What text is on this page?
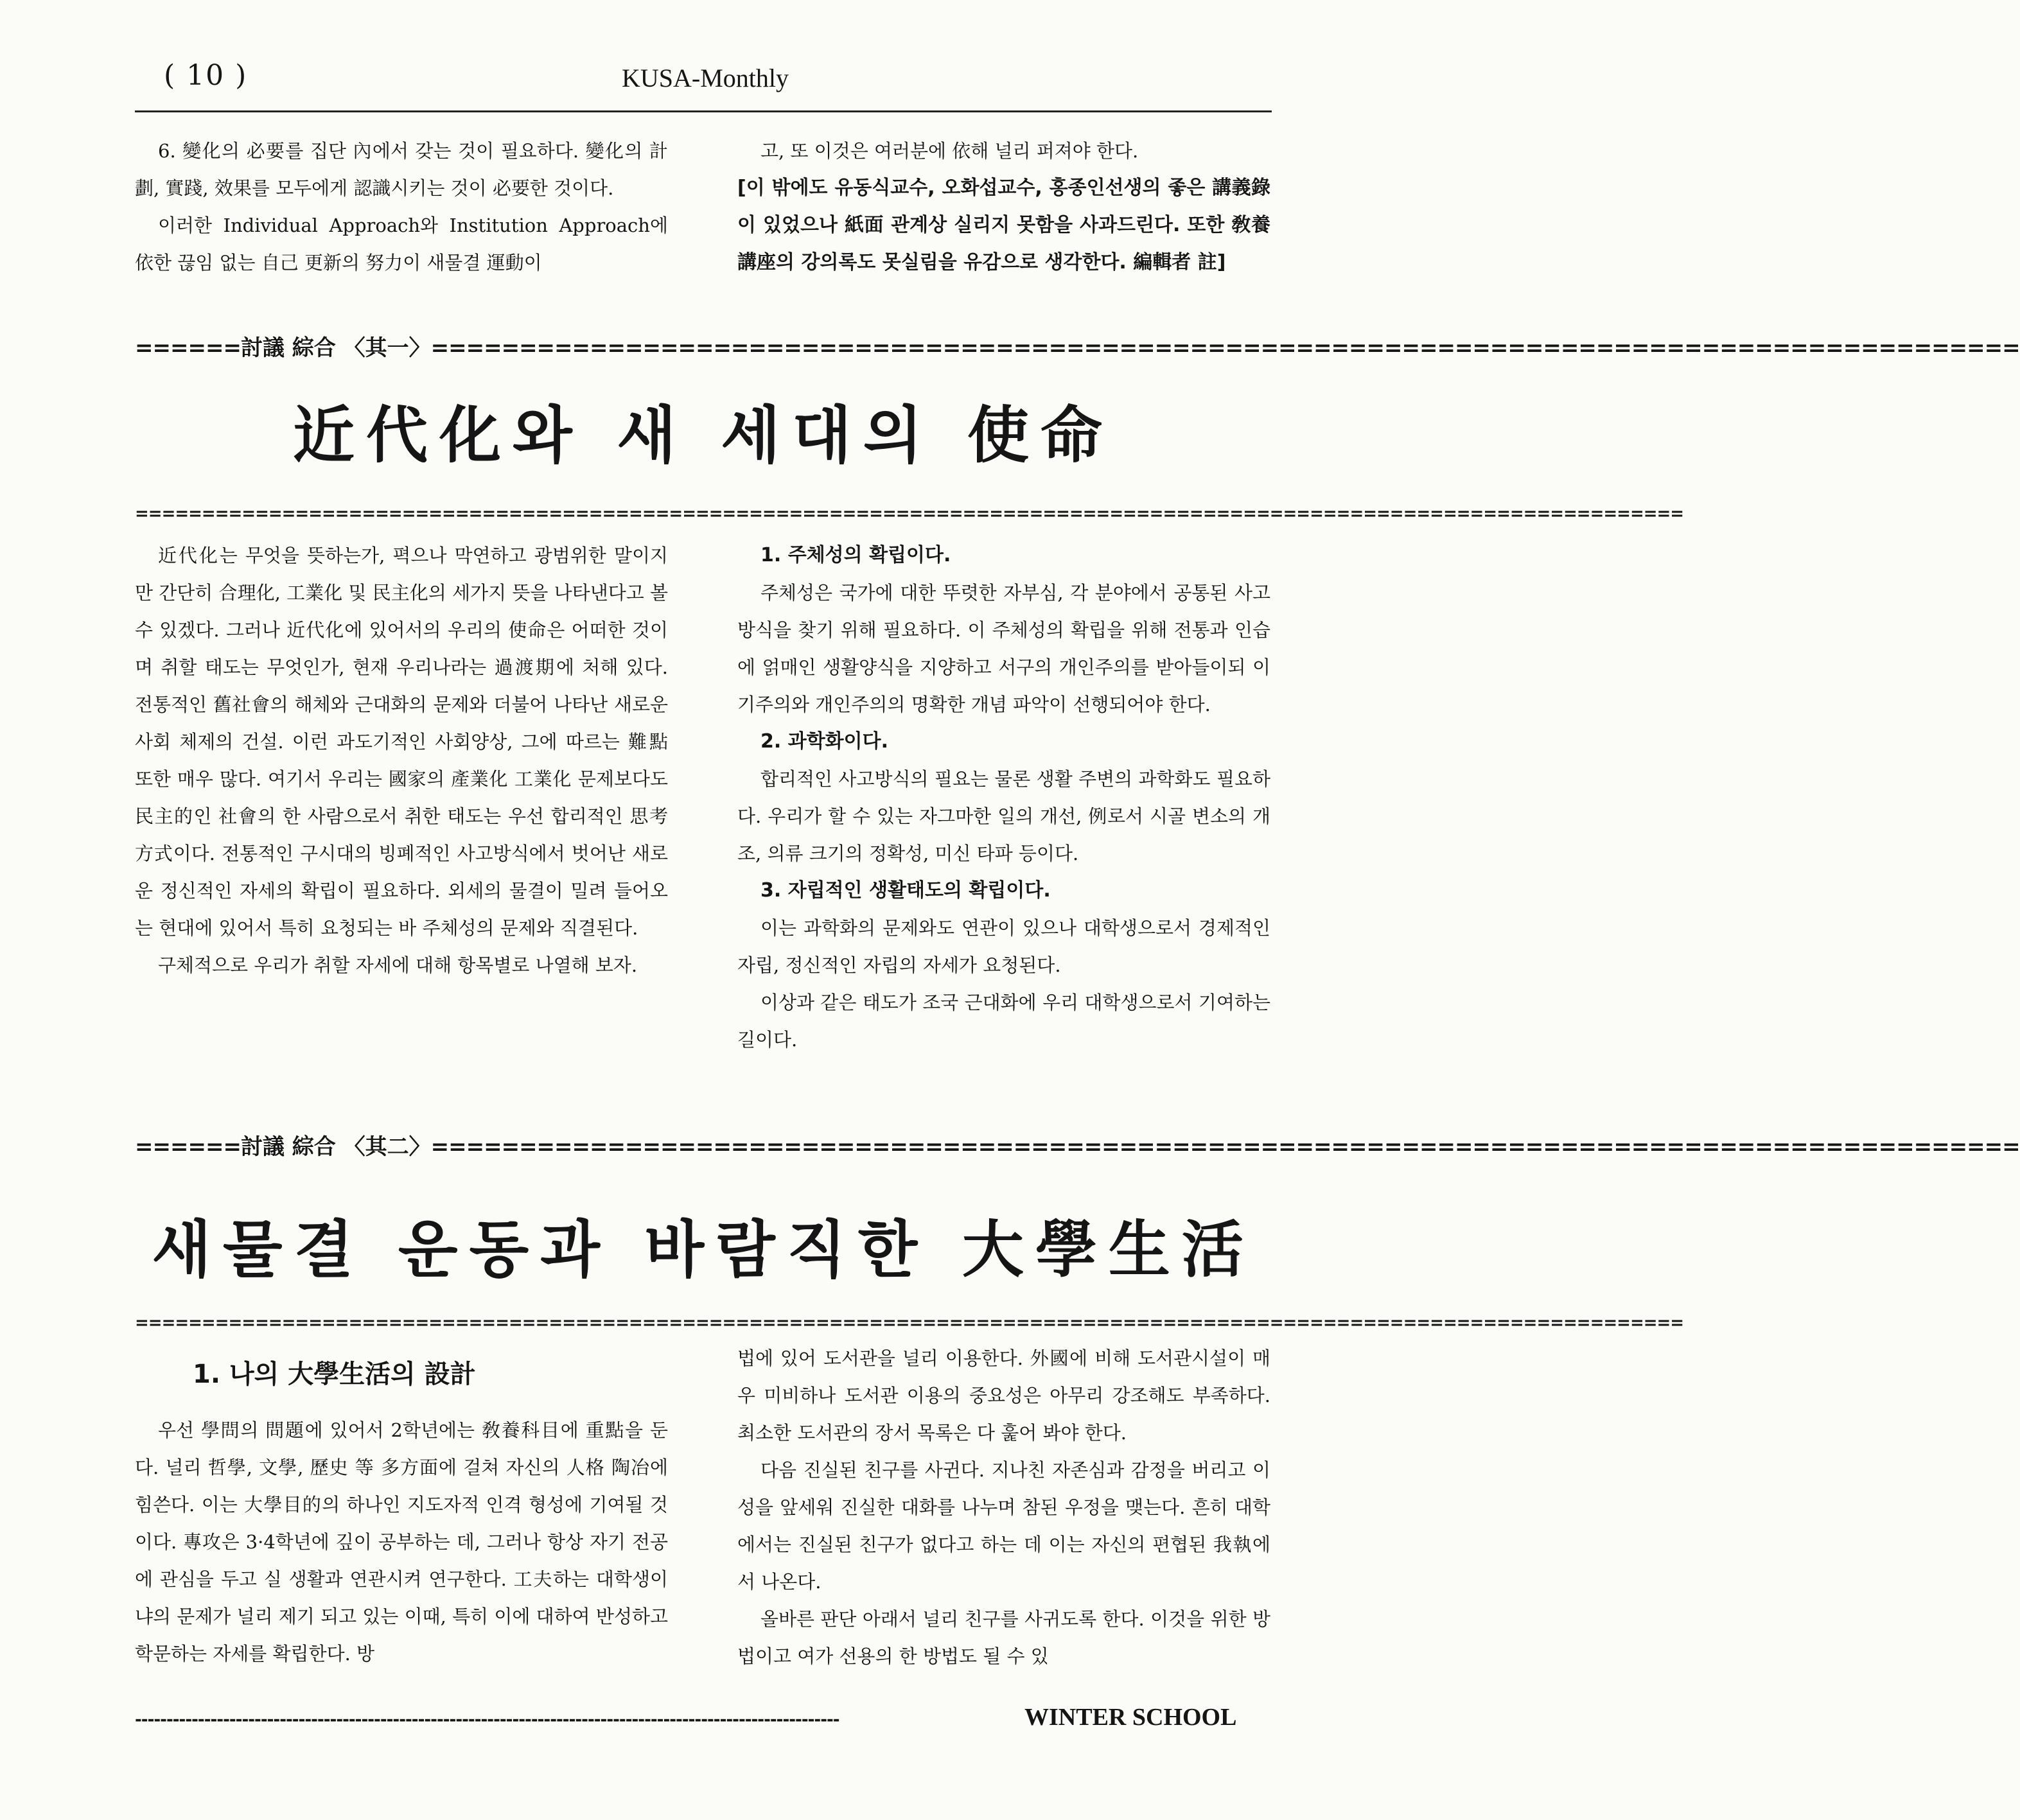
( 10 )	KUSA-Monthly

6. 變化의 必要를 집단 內에서 갖는 것이 필요하다. 變化의 計劃, 實踐, 效果를 모두에게 認識시키는 것이 必要한 것이다.

이러한 Individual Approach와 Institution Approach에 依한 끊임 없는 自己 更新의 努力이 새물결 運動이

고, 또 이것은 여러분에 依해 널리 퍼져야 한다.

[이 밖에도 유동식교수, 오화섭교수, 홍종인선생의 좋은 講義錄이 있었으나 紙面 관계상 실리지 못함을 사과드린다. 또한 敎養講座의 강의록도 못실림을 유감으로 생각한다. 編輯者 註]
======討議 綜合 〈其一〉==========================================================================================
近代化와 새 세대의 使命
====================================================================================================================

近代化는 무엇을 뜻하는가, 펵으나 막연하고 광범위한 말이지만 간단히 合理化, 工業化 및 民主化의 세가지 뜻을 나타낸다고 볼 수 있겠다. 그러나 近代化에 있어서의 우리의 使命은 어떠한 것이며 취할 태도는 무엇인가, 현재 우리나라는 過渡期에 처해 있다. 전통적인 舊社會의 해체와 근대화의 문제와 더불어 나타난 새로운 사회 체제의 건설. 이런 과도기적인 사회양상, 그에 따르는 難點 또한 매우 많다. 여기서 우리는 國家의 產業化 工業化 문제보다도 民主的인 社會의 한 사람으로서 취한 태도는 우선 합리적인 思考方式이다. 전통적인 구시대의 빙폐적인 사고방식에서 벗어난 새로운 정신적인 자세의 확립이 필요하다. 외세의 물결이 밀려 들어오는 현대에 있어서 특히 요청되는 바 주체성의 문제와 직결된다.

구체적으로 우리가 취할 자세에 대해 항목별로 나열해 보자.

1. 주체성의 확립이다.

주체성은 국가에 대한 뚜렷한 자부심, 각 분야에서 공통된 사고방식을 찾기 위해 필요하다. 이 주체성의 확립을 위해 전통과 인습에 얽매인 생활양식을 지양하고 서구의 개인주의를 받아들이되 이기주의와 개인주의의 명확한 개념 파악이 선행되어야 한다.

2. 과학화이다.

합리적인 사고방식의 필요는 물론 생활 주변의 과학화도 필요하다. 우리가 할 수 있는 자그마한 일의 개선, 例로서 시골 변소의 개조, 의류 크기의 정확성, 미신 타파 등이다.

3. 자립적인 생활태도의 확립이다.

이는 과학화의 문제와도 연관이 있으나 대학생으로서 경제적인 자립, 정신적인 자립의 자세가 요청된다.

이상과 같은 태도가 조국 근대화에 우리 대학생으로서 기여하는 길이다.

======討議 綜合 〈其二〉==========================================================================================
새물결 운동과 바람직한 大學生活
====================================================================================================================
1. 나의 大學生活의 設計

우선 學問의 問題에 있어서 2학년에는 敎養科目에 重點을 둔다. 널리 哲學, 文學, 歷史 等 多方面에 걸쳐 자신의 人格 陶冶에 힘쓴다. 이는 大學目的의 하나인 지도자적 인격 형성에 기여될 것이다. 專攻은 3·4학년에 깊이 공부하는 데, 그러나 항상 자기 전공에 관심을 두고 실 생활과 연관시켜 연구한다. 工夫하는 대학생이냐의 문제가 널리 제기 되고 있는 이때, 특히 이에 대하여 반성하고 학문하는 자세를 확립한다. 방

법에 있어 도서관을 널리 이용한다. 外國에 비해 도서관시설이 매우 미비하나 도서관 이용의 중요성은 아무리 강조해도 부족하다. 최소한 도서관의 장서 목록은 다 훑어 봐야 한다.

다음 진실된 친구를 사귄다. 지나친 자존심과 감정을 버리고 이성을 앞세워 진실한 대화를 나누며 참된 우정을 맺는다. 흔히 대학에서는 진실된 친구가 없다고 하는 데 이는 자신의 편협된 我執에서 나온다.

올바른 판단 아래서 널리 친구를 사귀도록 한다. 이것을 위한 방법이고 여가 선용의 한 방법도 될 수 있

----------------------------------------------------------------------------------------------------------------	WINTER SCHOOL
